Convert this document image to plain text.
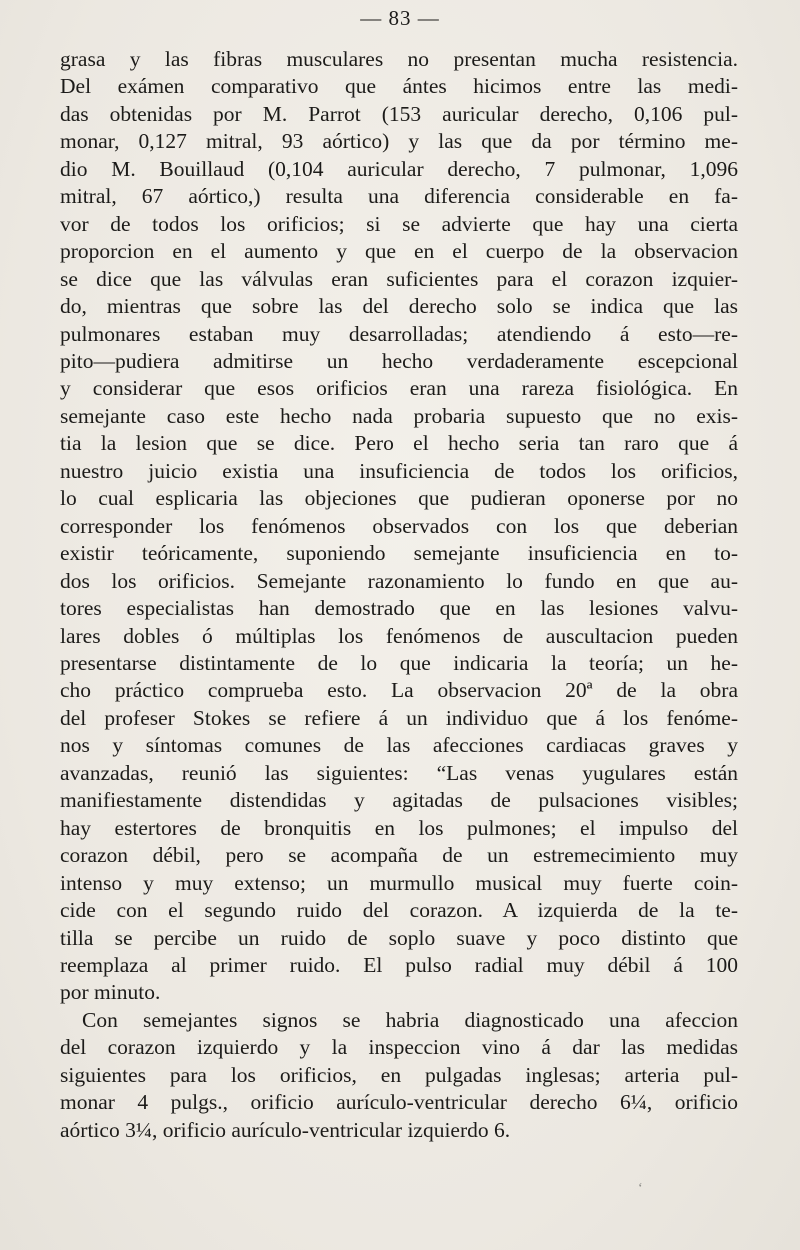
— 83 —

grasa y las fibras musculares no presentan mucha resistencia.
Del exámen comparativo que ántes hicimos entre las medi-
das obtenidas por M. Parrot (153 auricular derecho, 0,106 pul-
monar, 0,127 mitral, 93 aórtico) y las que da por término me-
dio M. Bouillaud (0,104 auricular derecho, 7 pulmonar, 1,096
mitral, 67 aórtico,) resulta una diferencia considerable en fa-
vor de todos los orificios; si se advierte que hay una cierta
proporcion en el aumento y que en el cuerpo de la observacion
se dice que las válvulas eran suficientes para el corazon izquier-
do, mientras que sobre las del derecho solo se indica que las
pulmonares estaban muy desarrolladas; atendiendo á esto—re-
pito—pudiera admitirse un hecho verdaderamente escepcional
y considerar que esos orificios eran una rareza fisiológica. En
semejante caso este hecho nada probaria supuesto que no exis-
tia la lesion que se dice. Pero el hecho seria tan raro que á
nuestro juicio existia una insuficiencia de todos los orificios,
lo cual esplicaria las objeciones que pudieran oponerse por no
corresponder los fenómenos observados con los que deberian
existir teóricamente, suponiendo semejante insuficiencia en to-
dos los orificios. Semejante razonamiento lo fundo en que au-
tores especialistas han demostrado que en las lesiones valvu-
lares dobles ó múltiplas los fenómenos de auscultacion pueden
presentarse distintamente de lo que indicaria la teoría; un he-
cho práctico comprueba esto. La observacion 20ª de la obra
del profeser Stokes se refiere á un individuo que á los fenóme-
nos y síntomas comunes de las afecciones cardiacas graves y
avanzadas, reunió las siguientes: “Las venas yugulares están
manifiestamente distendidas y agitadas de pulsaciones visibles;
hay estertores de bronquitis en los pulmones; el impulso del
corazon débil, pero se acompaña de un estremecimiento muy
intenso y muy extenso; un murmullo musical muy fuerte coin-
cide con el segundo ruido del corazon. A izquierda de la te-
tilla se percibe un ruido de soplo suave y poco distinto que
reemplaza al primer ruido. El pulso radial muy débil á 100
por minuto.

Con semejantes signos se habria diagnosticado una afeccion
del corazon izquierdo y la inspeccion vino á dar las medidas
siguientes para los orificios, en pulgadas inglesas; arteria pul-
monar 4 pulgs., orificio aurículo-ventricular derecho 6¼, orificio
aórtico 3¼, orificio aurículo-ventricular izquierdo 6.

‘
